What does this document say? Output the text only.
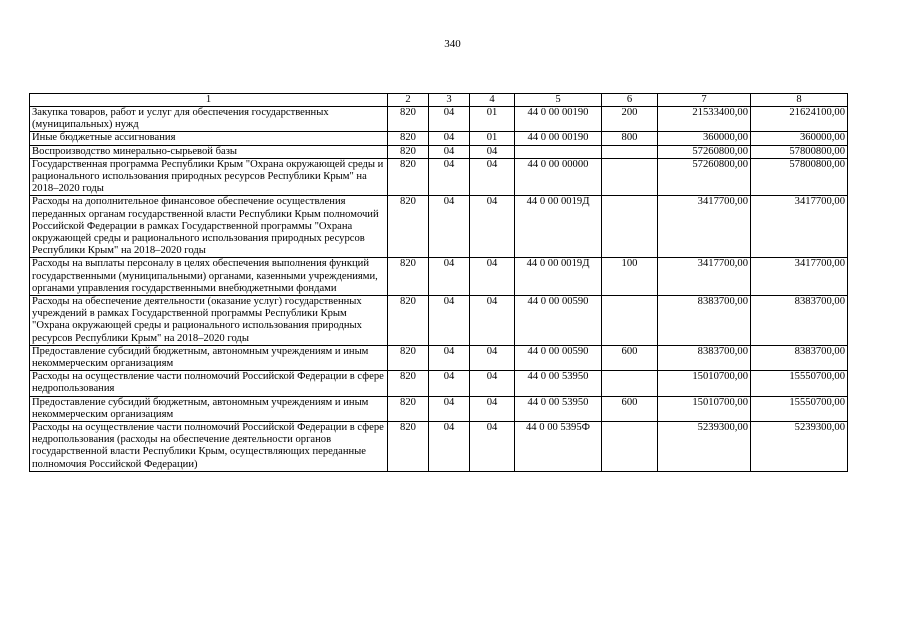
340
1	2	3	4	5	6	7	8
Закупка товаров, работ и услуг для обеспечения государственных (муниципальных) нужд	820	04	01	44 0 00 00190	200	21533400,00	21624100,00
Иные бюджетные ассигнования	820	04	01	44 0 00 00190	800	360000,00	360000,00
Воспроизводство минерально-сырьевой базы	820	04	04			57260800,00	57800800,00
Государственная программа Республики Крым "Охрана окружающей среды и рационального использования природных ресурсов Республики Крым" на 2018–2020 годы	820	04	04	44 0 00 00000		57260800,00	57800800,00
Расходы на дополнительное финансовое обеспечение осуществления переданных органам государственной власти Республики Крым полномочий Российской Федерации в рамках Государственной программы "Охрана окружающей среды и рационального использования природных ресурсов Республики Крым" на 2018–2020 годы	820	04	04	44 0 00 0019Д		3417700,00	3417700,00
Расходы на выплаты персоналу в целях обеспечения выполнения функций государственными (муниципальными) органами, казенными учреждениями, органами управления государственными внебюджетными фондами	820	04	04	44 0 00 0019Д	100	3417700,00	3417700,00
Расходы на обеспечение деятельности (оказание услуг) государственных учреждений в рамках Государственной программы Республики Крым "Охрана окружающей среды и рационального использования природных ресурсов Республики Крым" на 2018–2020 годы	820	04	04	44 0 00 00590		8383700,00	8383700,00
Предоставление субсидий бюджетным, автономным учреждениям и иным некоммерческим организациям	820	04	04	44 0 00 00590	600	8383700,00	8383700,00
Расходы на осуществление части полномочий Российской Федерации в сфере недропользования	820	04	04	44 0 00 53950		15010700,00	15550700,00
Предоставление субсидий бюджетным, автономным учреждениям и иным некоммерческим организациям	820	04	04	44 0 00 53950	600	15010700,00	15550700,00
Расходы на осуществление части полномочий Российской Федерации в сфере недропользования (расходы на обеспечение деятельности органов государственной власти Республики Крым, осуществляющих переданные полномочия Российской Федерации)	820	04	04	44 0 00 5395Ф		5239300,00	5239300,00
